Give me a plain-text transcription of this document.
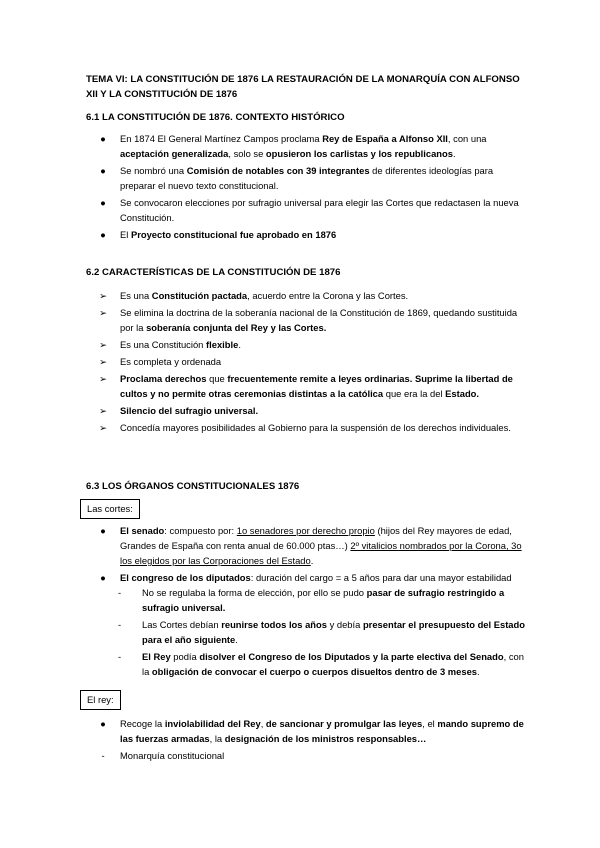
TEMA VI: LA CONSTITUCIÓN DE 1876 LA RESTAURACIÓN DE LA MONARQUÍA CON ALFONSO XII Y LA CONSTITUCIÓN DE 1876
6.1 LA CONSTITUCIÓN DE 1876. CONTEXTO HISTÓRICO
●	En 1874 El General Martínez Campos proclama Rey de España a Alfonso XII, con una aceptación generalizada, solo se opusieron los carlistas y los republicanos.
●	Se nombró una Comisión de notables con 39 integrantes de diferentes ideologías para preparar el nuevo texto constitucional.
●	Se convocaron elecciones por sufragio universal para elegir las Cortes que redactasen la nueva Constitución.
●	El Proyecto constitucional fue aprobado en 1876
6.2 CARACTERÍSTICAS DE LA CONSTITUCIÓN DE 1876
➢	Es una Constitución pactada, acuerdo entre la Corona y las Cortes.
➢	Se elimina la doctrina de la soberanía nacional de la Constitución de 1869, quedando sustituida por la soberanía conjunta del Rey y las Cortes.
➢	Es una Constitución flexible.
➢	Es completa y ordenada
➢	Proclama derechos que frecuentemente remite a leyes ordinarias. Suprime la libertad de cultos y no permite otras ceremonias distintas a la católica que era la del Estado.
➢	Silencio del sufragio universal.
➢	Concedía mayores posibilidades al Gobierno para la suspensión de los derechos individuales.
6.3 LOS ÓRGANOS CONSTITUCIONALES 1876
Las cortes:
●	El senado: compuesto por: 1o senadores por derecho propio (hijos del Rey mayores de edad, Grandes de España con renta anual de 60.000 ptas…) 2º vitalicios nombrados por la Corona, 3o los elegidos por las Corporaciones del Estado.
●	El congreso de los diputados: duración del cargo = a 5 años para dar una mayor estabilidad
- No se regulaba la forma de elección, por ello se pudo pasar de sufragio restringido a sufragio universal.
- Las Cortes debían reunirse todos los años y debía presentar el presupuesto del Estado para el año siguiente.
- El Rey podía disolver el Congreso de los Diputados y la parte electiva del Senado, con la obligación de convocar el cuerpo o cuerpos disueltos dentro de 3 meses.
El rey:
●	Recoge la inviolabilidad del Rey, de sancionar y promulgar las leyes, el mando supremo de las fuerzas armadas, la designación de los ministros responsables…
-	Monarquía constitucional
